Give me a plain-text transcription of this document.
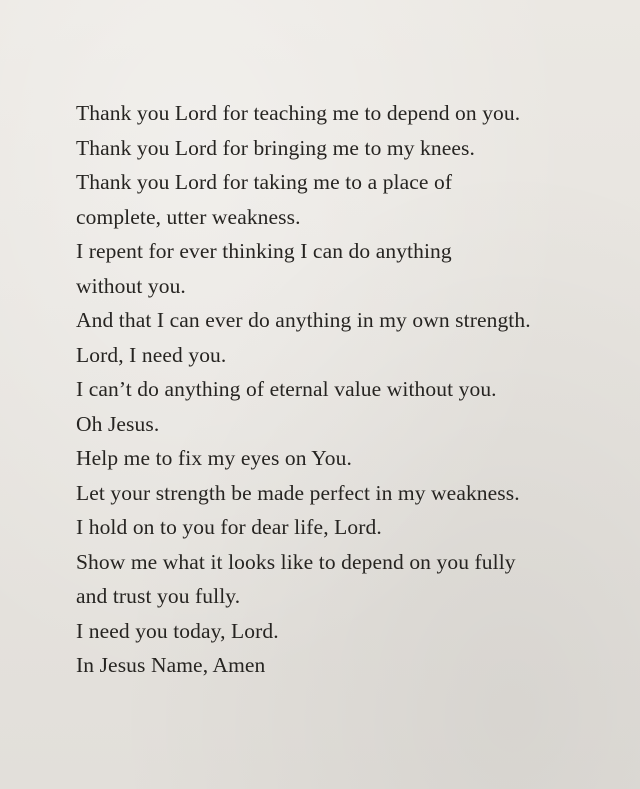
Thank you Lord for teaching me to depend on you.
Thank you Lord for bringing me to my knees.
Thank you Lord for taking me to a place of
complete, utter weakness.
I repent for ever thinking I can do anything
without you.
And that I can ever do anything in my own strength.
Lord, I need you.
I can’t do anything of eternal value without you.
Oh Jesus.
Help me to fix my eyes on You.
Let your strength be made perfect in my weakness.
I hold on to you for dear life, Lord.
Show me what it looks like to depend on you fully
and trust you fully.
I need you today, Lord.
In Jesus Name, Amen
